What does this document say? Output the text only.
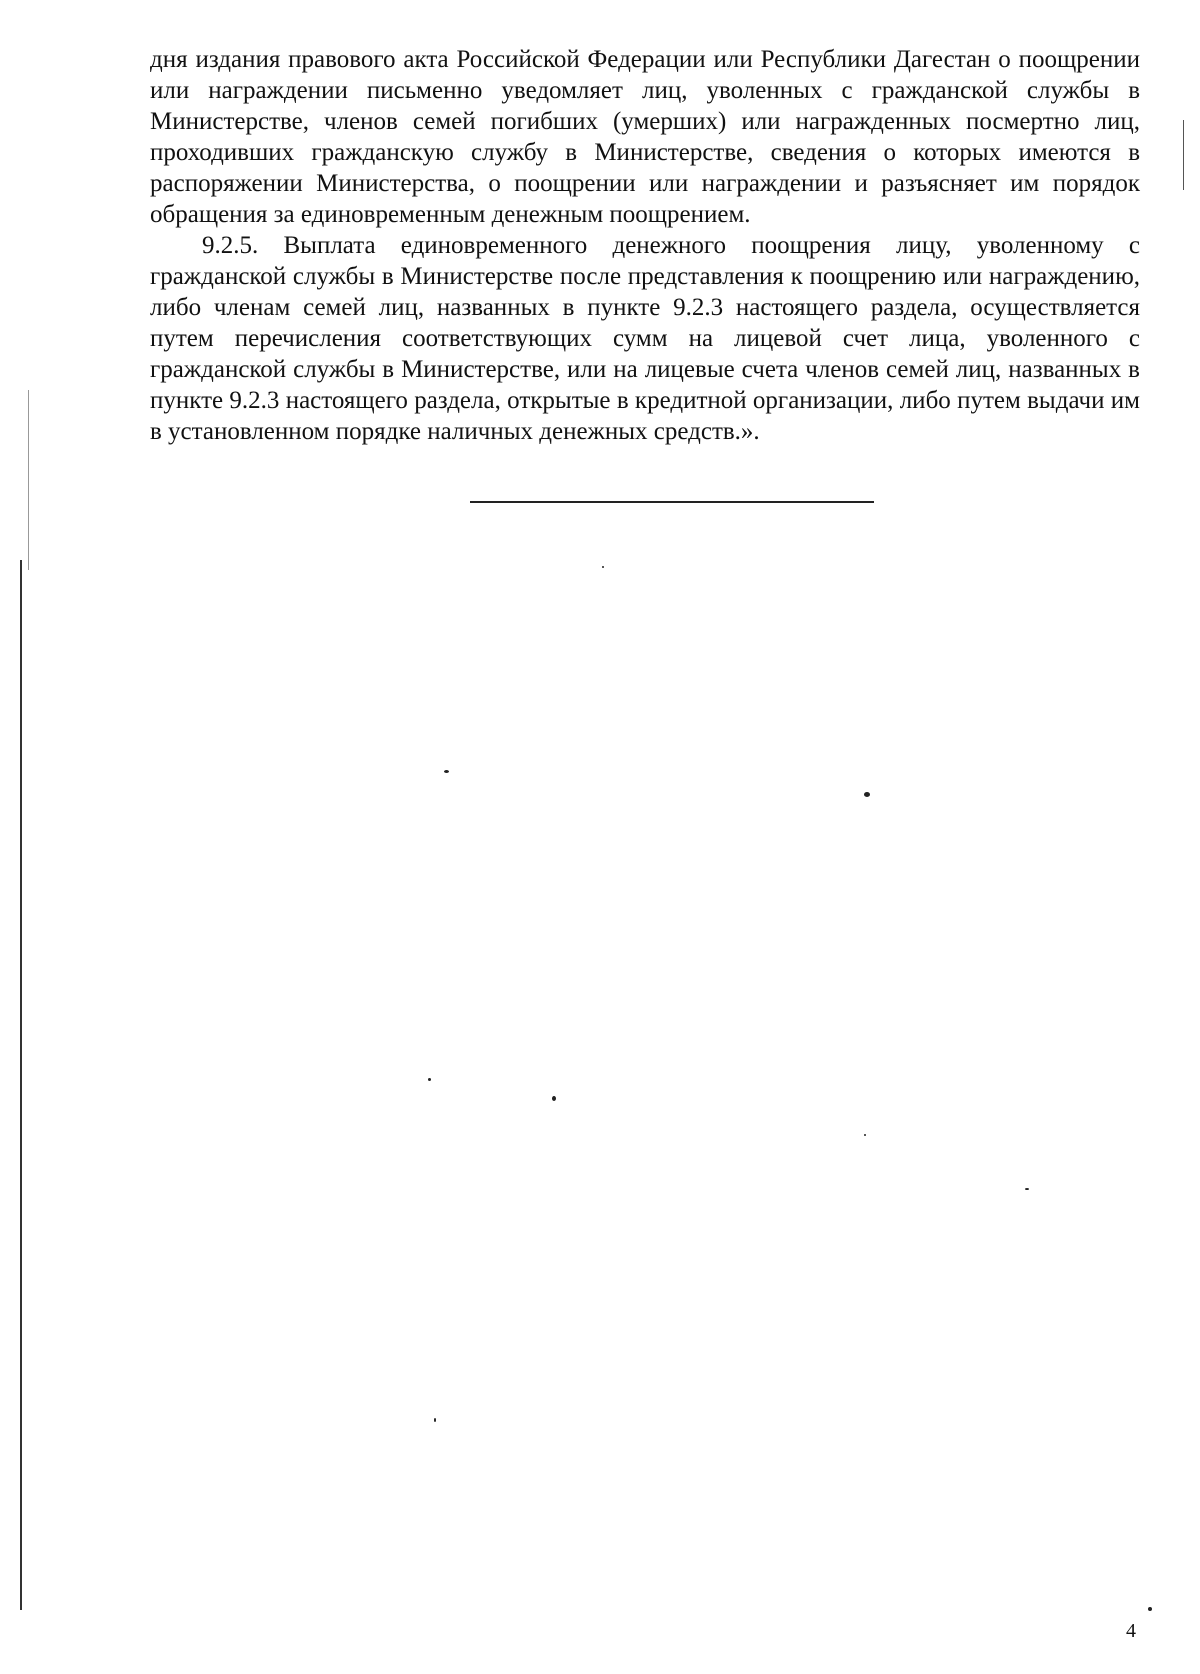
дня издания правового акта Российской Федерации или Республики Дагестан о поощрении или награждении письменно уведомляет лиц, уволенных с гражданской службы в Министерстве, членов семей погибших (умерших) или награжденных посмертно лиц, проходивших гражданскую службу в Министерстве, сведения о которых имеются в распоряжении Министерства, о поощрении или награждении и разъясняет им порядок обращения за единовременным денежным поощрением.

9.2.5. Выплата единовременного денежного поощрения лицу, уволенному с гражданской службы в Министерстве после представления к поощрению или награждению, либо членам семей лиц, названных в пункте 9.2.3 настоящего раздела, осуществляется путем перечисления соответствующих сумм на лицевой счет лица, уволенного с гражданской службы в Министерстве, или на лицевые счета членов семей лиц, названных в пункте 9.2.3 настоящего раздела, открытые в кредитной организации, либо путем выдачи им в установленном порядке наличных денежных средств.».

4
